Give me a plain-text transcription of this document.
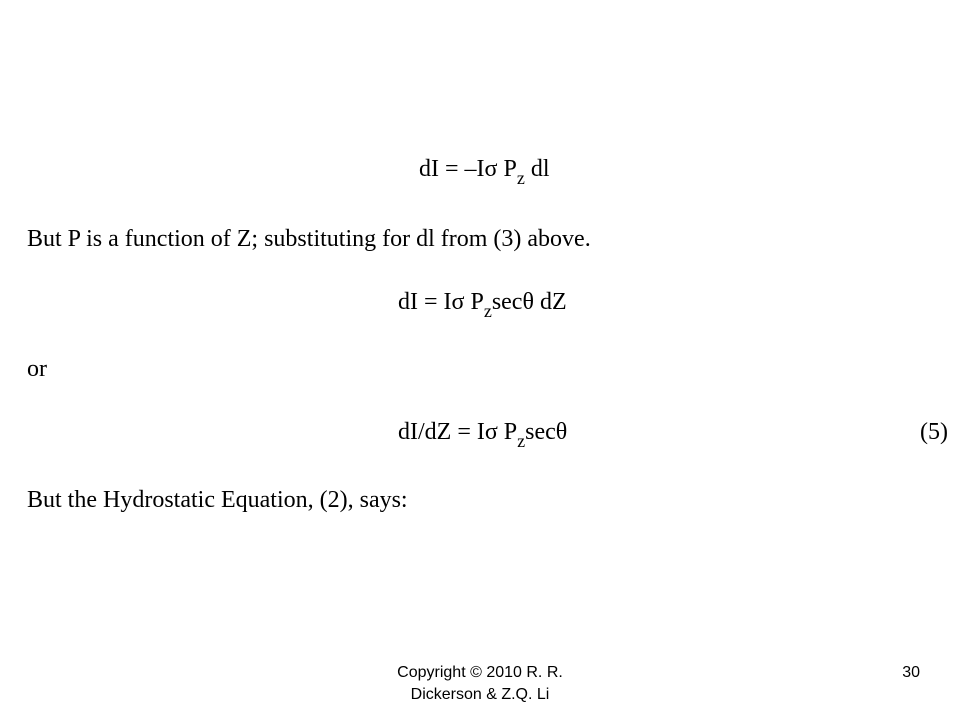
dI = –Iσ $P_z$ dl
But P is a function of Z; substituting for dl from (3) above.
dI = Iσ $P_z\sec\theta$ dZ
or
dI/dZ = Iσ $P_z\sec\theta$	(5)
But the Hydrostatic Equation, (2), says:
Copyright © 2010 R. R.
Dickerson & Z.Q. Li
30
